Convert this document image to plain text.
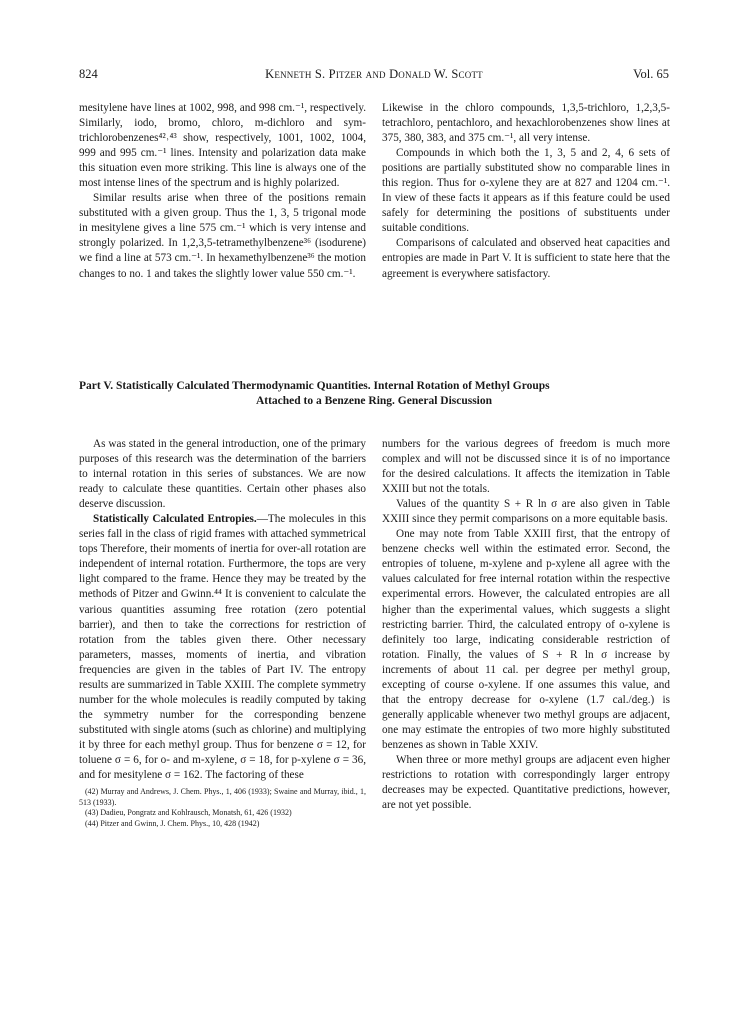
824	Kenneth S. Pitzer and Donald W. Scott	Vol. 65

mesitylene have lines at 1002, 998, and 998 cm.⁻¹, respectively. Similarly, iodo, bromo, chloro, m-dichloro and sym-trichlorobenzenes⁴²˒⁴³ show, respectively, 1001, 1002, 1004, 999 and 995 cm.⁻¹ lines. Intensity and polarization data make this situation even more striking. This line is always one of the most intense lines of the spectrum and is highly polarized.

Similar results arise when three of the positions remain substituted with a given group. Thus the 1, 3, 5 trigonal mode in mesitylene gives a line 575 cm.⁻¹ which is very intense and strongly polarized. In 1,2,3,5-tetramethylbenzene³⁶ (isodurene) we find a line at 573 cm.⁻¹. In hexamethylbenzene³⁶ the motion changes to no. 1 and takes the slightly lower value 550 cm.⁻¹.

Likewise in the chloro compounds, 1,3,5-trichloro, 1,2,3,5-tetrachloro, pentachloro, and hexachlorobenzenes show lines at 375, 380, 383, and 375 cm.⁻¹, all very intense.

Compounds in which both the 1, 3, 5 and 2, 4, 6 sets of positions are partially substituted show no comparable lines in this region. Thus for o-xylene they are at 827 and 1204 cm.⁻¹. In view of these facts it appears as if this feature could be used safely for determining the positions of substituents under suitable conditions.

Comparisons of calculated and observed heat capacities and entropies are made in Part V. It is sufficient to state here that the agreement is everywhere satisfactory.

Part V. Statistically Calculated Thermodynamic Quantities. Internal Rotation of Methyl Groups
Attached to a Benzene Ring. General Discussion

As was stated in the general introduction, one of the primary purposes of this research was the determination of the barriers to internal rotation in this series of substances. We are now ready to calculate these quantities. Certain other phases also deserve discussion.

Statistically Calculated Entropies.—The molecules in this series fall in the class of rigid frames with attached symmetrical tops Therefore, their moments of inertia for over-all rotation are independent of internal rotation. Furthermore, the tops are very light compared to the frame. Hence they may be treated by the methods of Pitzer and Gwinn.⁴⁴ It is convenient to calculate the various quantities assuming free rotation (zero potential barrier), and then to take the corrections for restriction of rotation from the tables given there. Other necessary parameters, masses, moments of inertia, and vibration frequencies are given in the tables of Part IV. The entropy results are summarized in Table XXIII. The complete symmetry number for the whole molecules is readily computed by taking the symmetry number for the corresponding benzene substituted with single atoms (such as chlorine) and multiplying it by three for each methyl group. Thus for benzene σ = 12, for toluene σ = 6, for o- and m-xylene, σ = 18, for p-xylene σ = 36, and for mesitylene σ = 162. The factoring of these

(42) Murray and Andrews, J. Chem. Phys., 1, 406 (1933); Swaine and Murray, ibid., 1, 513 (1933).

(43) Dadieu, Pongratz and Kohlrausch, Monatsh, 61, 426 (1932)

(44) Pitzer and Gwinn, J. Chem. Phys., 10, 428 (1942)

numbers for the various degrees of freedom is much more complex and will not be discussed since it is of no importance for the desired calculations. It affects the itemization in Table XXIII but not the totals.

Values of the quantity S + R ln σ are also given in Table XXIII since they permit comparisons on a more equitable basis.

One may note from Table XXIII first, that the entropy of benzene checks well within the estimated error. Second, the entropies of toluene, m-xylene and p-xylene all agree with the values calculated for free internal rotation within the respective experimental errors. However, the calculated entropies are all higher than the experimental values, which suggests a slight restricting barrier. Third, the calculated entropy of o-xylene is definitely too large, indicating considerable restriction of rotation. Finally, the values of S + R ln σ increase by increments of about 11 cal. per degree per methyl group, excepting of course o-xylene. If one assumes this value, and that the entropy decrease for o-xylene (1.7 cal./deg.) is generally applicable whenever two methyl groups are adjacent, one may estimate the entropies of two more highly substituted benzenes as shown in Table XXIV.

When three or more methyl groups are adjacent even higher restrictions to rotation with correspondingly larger entropy decreases may be expected. Quantitative predictions, however, are not yet possible.
